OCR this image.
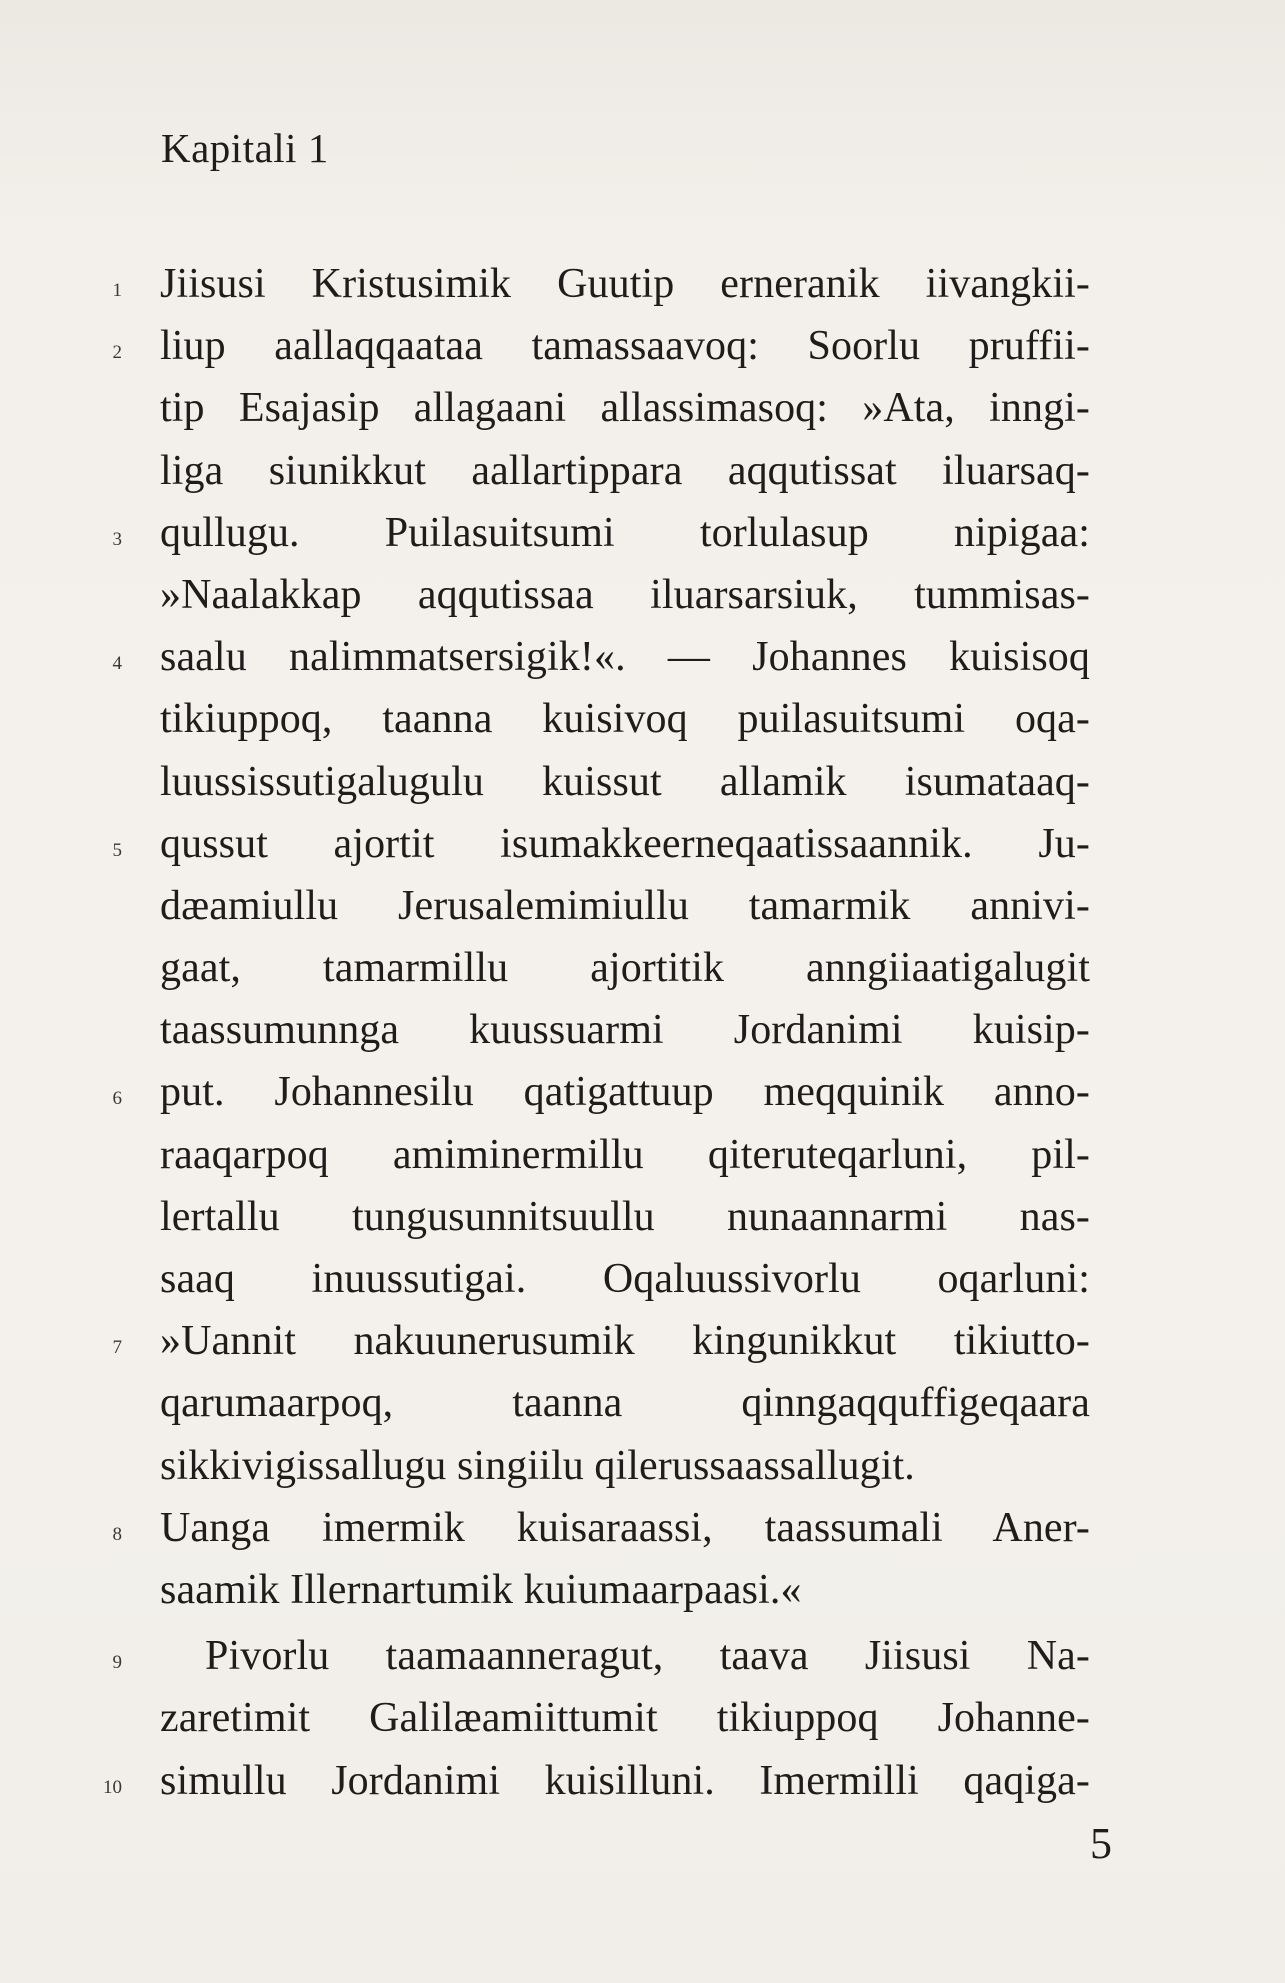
Kapitali 1
1 Jiisusi Kristusimik Guutip erneranik iivangkii-
2 liup aallaqqaataa tamassaavoq: Soorlu pruffii-
tip Esajasip allagaani allassimasoq: »Ata, inngi-
liga siunikkut aallartippara aqqutissat iluarsaq-
3 qullugu. Puilasuitsumi torlulasup nipigaa:
»Naalakkap aqqutissaa iluarsarsiuk, tummisas-
4 saalu nalimmatsersigik!«. — Johannes kuisisoq
tikiuppoq, taanna kuisivoq puilasuitsumi oqa-
luussissutigalugulu kuissut allamik isumataaq-
5 qussut ajortit isumakkeerneqaatissaannik. Ju-
dæamiullu Jerusalemimiullu tamarmik annivi-
gaat, tamarmillu ajortitik anngiiaatigalugit
taassumunnga kuussuarmi Jordanimi kuisip-
6 put. Johannesilu qatigattuup meqquinik anno-
raaqarpoq amiminermillu qiteruteqarluni, pil-
lertallu tungusunnitsuullu nunaannarmi nas-
saaq inuussutigai. Oqaluussivorlu oqarluni:
7 »Uannit nakuunerusumik kingunikkut tikiutto-
qarumaarpoq, taanna qinngaqquffigeqaara
sikkivigissallugu singiilu qilerussaassallugit.
8 Uanga imermik kuisaraassi, taassumali Aner-
saamik Illernartumik kuiumaarpaasi.«
9 Pivorlu taamaanneragut, taava Jiisusi Na-
zaretimit Galilæamiittumit tikiuppoq Johanne-
10 simullu Jordanimi kuisilluni. Imermilli qaqiga-
5
